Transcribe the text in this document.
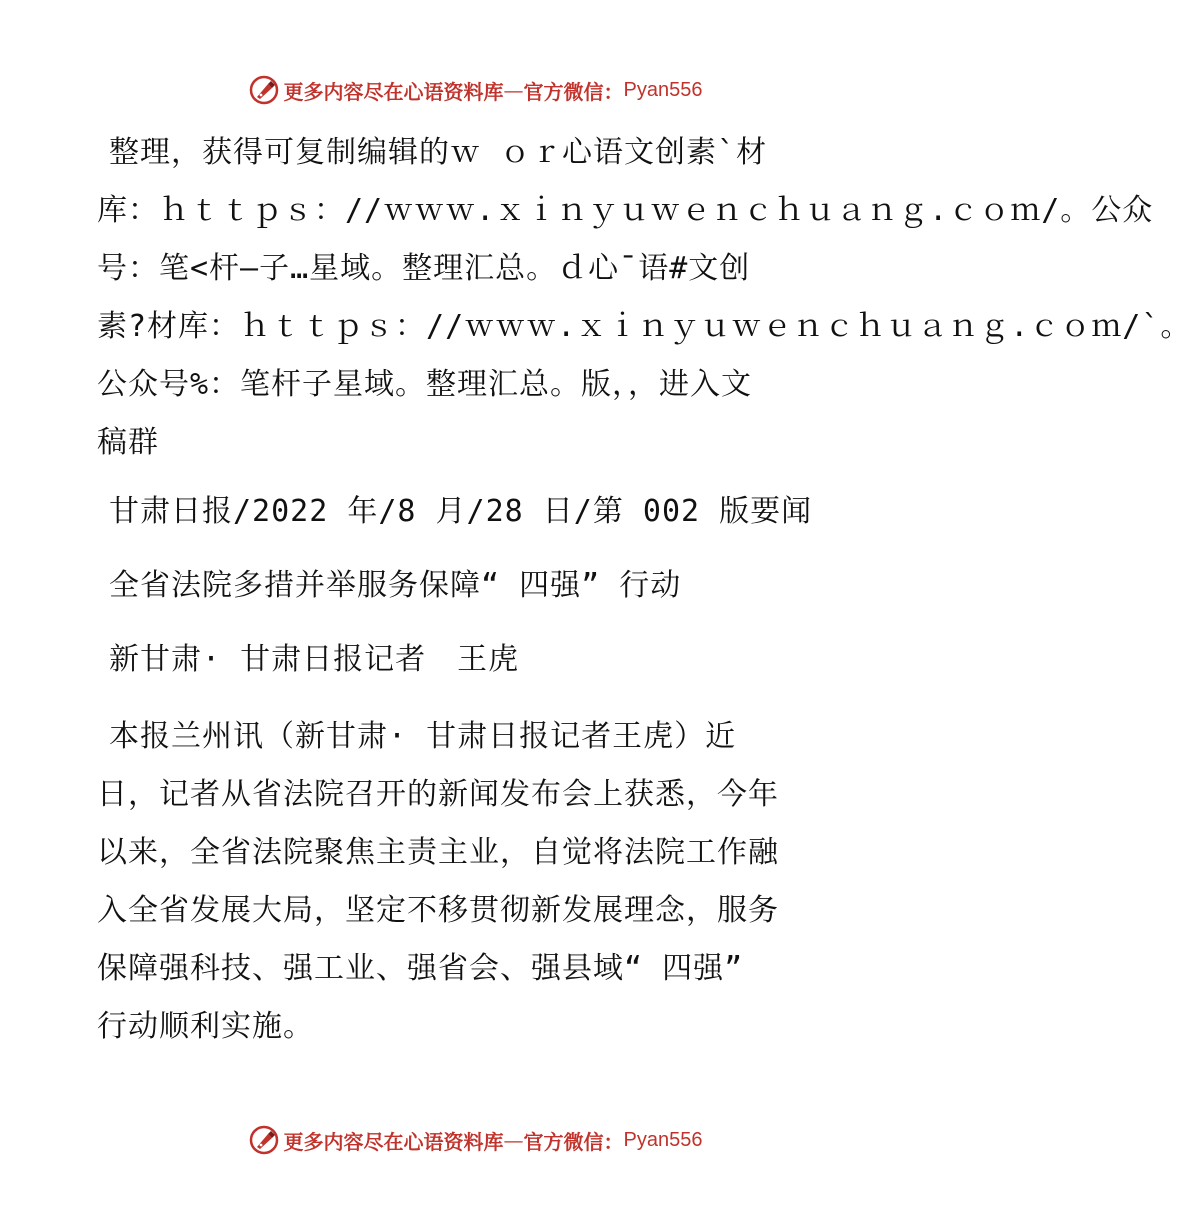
更多内容尽在心语资料库 — 官方微信： Pyan556
整理，获得可复制编辑的ｗ ｏｒ心语文创素`材
库：ｈｔｔｐｓ：//ｗｗｗ.ｘｉｎｙｕｗｅｎｃｈｕａｎｇ.ｃｏｍ/。公众
号：笔<杆—子…星域。整理汇总。ｄ心¯语#文创
素?材库：ｈｔｔｐｓ：//ｗｗｗ.ｘｉｎｙｕｗｅｎｃｈｕａｎｇ.ｃｏｍ/`。
公众号%：笔杆子星域。整理汇总。版，，进入文
稿群
甘肃日报/2022 年/8 月/28 日/第 002 版要闻
全省法院多措并举服务保障“ 四强” 行动
新甘肃· 甘肃日报记者　王虎
本报兰州讯（新甘肃· 甘肃日报记者王虎）近
日，记者从省法院召开的新闻发布会上获悉，今年
以来，全省法院聚焦主责主业，自觉将法院工作融
入全省发展大局，坚定不移贯彻新发展理念，服务
保障强科技、强工业、强省会、强县域“ 四强”
行动顺利实施。
更多内容尽在心语资料库 — 官方微信： Pyan556
